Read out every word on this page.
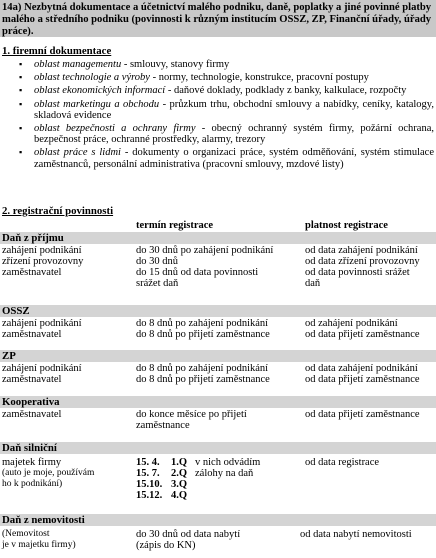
14a) Nezbytná dokumentace a účetnictví malého podniku, daně, poplatky a jiné povinné platby malého a středního podniku (povinnosti k různým institucím OSSZ, ZP, Finanční úřady, úřady práce).
1. firemní dokumentace
▪ oblast managementu - smlouvy, stanovy firmy
▪ oblast technologie a výroby - normy, technologie, konstrukce, pracovní postupy
▪ oblast ekonomických informací - daňové doklady, podklady z bankу, kalkulace, rozpočty
▪ oblast marketingu a obchodu - průzkum trhu, obchodní smlouvy a nabídky, ceníky, katalogy, skladová evidence
▪ oblast bezpečnosti a ochrany firmy - obecný ochranný systém firmy, požární ochrana, bezpečnost práce, ochranné prostředky, alarmy, trezory
▪ oblast práce s lidmi - dokumenty o organizaci práce, systém odměňování, systém stimulace zaměstnanců, personální administrativa (pracovní smlouvy, mzdové listy)
2. registrační povinnosti
termín registrace	platnost registrace
Daň z příjmu
zahájení podnikání
zřízení provozovny
zaměstnavatel
do 30 dnů po zahájení podnikání
do 30 dnů
do 15 dnů od data povinnosti
srážet daň
od data zahájení podnikání
od data zřízení provozovny
od data povinnosti srážet
daň
OSSZ
zahájení podnikání
zaměstnavatel
do 8 dnů po zahájení podnikání
do 8 dnů po přijetí zaměstnance
od zahájení podnikání
od data přijetí zaměstnance
ZP
zahájení podnikání
zaměstnavatel
do 8 dnů po zahájení podnikání
do 8 dnů po přijetí zaměstnance
od data zahájení podnikání
od data přijetí zaměstnance
Kooperativa
zaměstnavatel	do konce měsíce po přijetí
zaměstnance
od data přijetí zaměstnance
Daň silniční
majetek firmy
(auto je moje, používám
ho k podnikání)
15. 4.
15. 7.
15.10.
15.12.
1.Q
2.Q
3.Q
4.Q
v nich odvádím
zálohy na daň
od data registrace
Daň z nemovitosti
(Nemovitost
je v majetku firmy)
do 30 dnů od data nabytí
(zápis do KN)
od data nabytí nemovitosti
